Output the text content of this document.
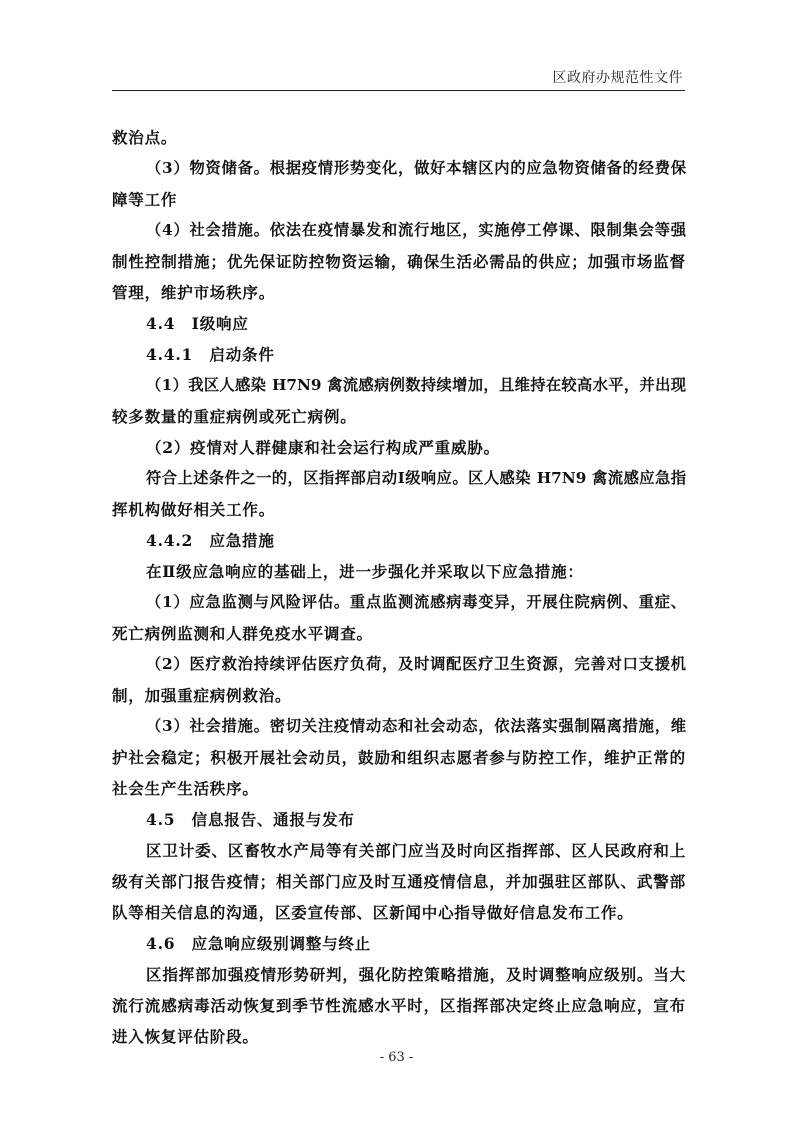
区政府办规范性文件
救治点。
（3）物资储备。根据疫情形势变化，做好本辖区内的应急物资储备的经费保
障等工作
（4）社会措施。依法在疫情暴发和流行地区，实施停工停课、限制集会等强
制性控制措施；优先保证防控物资运输，确保生活必需品的供应；加强市场监督
管理，维护市场秩序。
4.4　Ⅰ级响应
4.4.1　启动条件
（1）我区人感染 H7N9 禽流感病例数持续增加，且维持在较高水平，并出现
较多数量的重症病例或死亡病例。
（2）疫情对人群健康和社会运行构成严重威胁。
符合上述条件之一的，区指挥部启动Ⅰ级响应。区人感染 H7N9 禽流感应急指
挥机构做好相关工作。
4.4.2　应急措施
在Ⅱ级应急响应的基础上，进一步强化并采取以下应急措施：
（1）应急监测与风险评估。重点监测流感病毒变异，开展住院病例、重症、
死亡病例监测和人群免疫水平调查。
（2）医疗救治持续评估医疗负荷，及时调配医疗卫生资源，完善对口支援机
制，加强重症病例救治。
（3）社会措施。密切关注疫情动态和社会动态，依法落实强制隔离措施，维
护社会稳定；积极开展社会动员，鼓励和组织志愿者参与防控工作，维护正常的
社会生产生活秩序。
4.5　信息报告、通报与发布
区卫计委、区畜牧水产局等有关部门应当及时向区指挥部、区人民政府和上
级有关部门报告疫情；相关部门应及时互通疫情信息，并加强驻区部队、武警部
队等相关信息的沟通，区委宣传部、区新闻中心指导做好信息发布工作。
4.6　应急响应级别调整与终止
区指挥部加强疫情形势研判，强化防控策略措施，及时调整响应级别。当大
流行流感病毒活动恢复到季节性流感水平时，区指挥部决定终止应急响应，宣布
进入恢复评估阶段。
- 63 -
